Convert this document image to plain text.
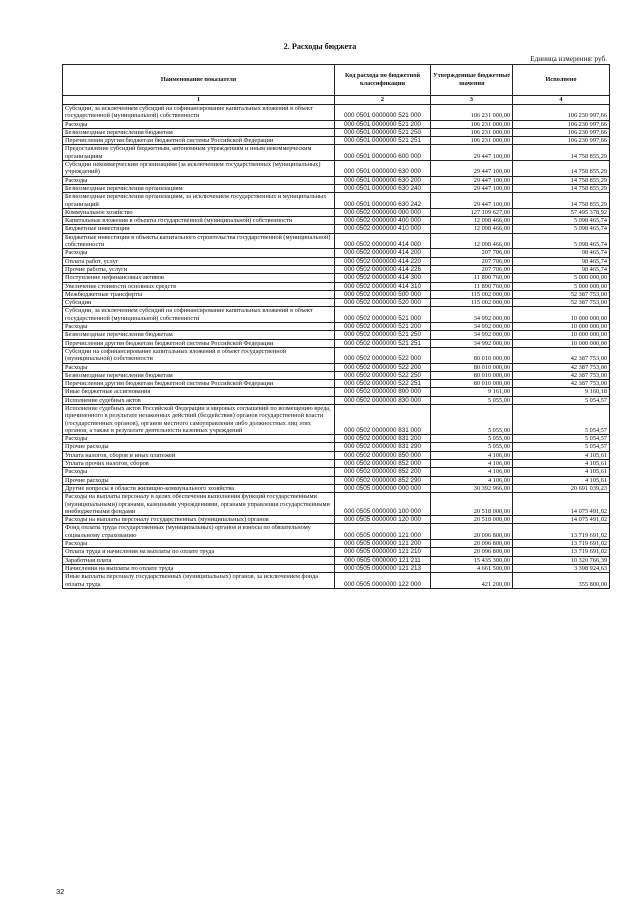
2. Расходы бюджета
Единица измерения: руб.
Наименование показателя	Код расхода по бюджетной классификации	Утвержденные бюджетные значения	Исполнено
1	2	3	4
Субсидии, за исключением субсидий на софинансирование капитальных вложений в объект государственной (муниципальной) собственности	000 0501 0000000 521 000	106 231 000,00	106 230 997,66
Расходы	000 0501 0000000 521 200	106 231 000,00	106 230 997,66
Безвозмездные перечисления бюджетам	000 0501 0000000 521 250	106 231 000,00	106 230 997,66
Перечисления другим бюджетам бюджетной системы Российской Федерации	000 0501 0000000 521 251	106 231 000,00	106 230 997,66
Предоставление субсидий бюджетным, автономным учреждениям и иным некоммерческим организациям	000 0501 0000000 600 000	29 447 100,00	14 758 855,29
Субсидии некоммерческим организациям (за исключением государственных (муниципальных) учреждений)	000 0501 0000000 630 000	29 447 100,00	14 758 855,29
Расходы	000 0501 0000000 630 200	29 447 100,00	14 758 855,29
Безвозмездные перечисления организациям	000 0501 0000000 630 240	29 447 100,00	14 758 855,29
Безвозмездные перечисления организациям, за исключением государственных и муниципальных организаций	000 0501 0000000 630 242	29 447 100,00	14 758 855,29
Коммунальное хозяйство	000 0502 0000000 000 000	127 109 627,00	57 495 378,92
Капитальные вложения в объекты государственной (муниципальной) собственности	000 0502 0000000 400 000	12 098 466,00	5 098 465,74
Бюджетные инвестиции	000 0502 0000000 410 000	12 098 466,00	5 098 465,74
Бюджетные инвестиции в объекты капитального строительства государственной (муниципальной) собственности	000 0502 0000000 414 000	12 098 466,00	5 098 465,74
Расходы	000 0502 0000000 414 200	207 706,00	98 465,74
Оплата работ, услуг	000 0502 0000000 414 220	207 706,00	98 465,74
Прочие работы, услуги	000 0502 0000000 414 226	207 706,00	98 465,74
Поступление нефинансовых активов	000 0502 0000000 414 300	11 890 760,00	5 000 000,00
Увеличение стоимости основных средств	000 0502 0000000 414 310	11 890 760,00	5 000 000,00
Межбюджетные трансферты	000 0502 0000000 500 000	115 002 000,00	52 387 753,00
Субсидии	000 0502 0000000 520 000	115 002 000,00	52 387 753,00
Субсидии, за исключением субсидий на софинансирование капитальных вложений в объект государственной (муниципальной) собственности	000 0502 0000000 521 000	34 992 000,00	10 000 000,00
Расходы	000 0502 0000000 521 200	34 992 000,00	10 000 000,00
Безвозмездные перечисления бюджетам	000 0502 0000000 521 250	34 992 000,00	10 000 000,00
Перечисления другим бюджетам бюджетной системы Российской Федерации	000 0502 0000000 521 251	34 992 000,00	10 000 000,00
Субсидии на софинансирование капитальных вложений в объект государственной (муниципальной) собственности	000 0502 0000000 522 000	80 010 000,00	42 387 753,00
Расходы	000 0502 0000000 522 200	80 010 000,00	42 387 753,00
Безвозмездные перечисления бюджетам	000 0502 0000000 522 250	80 010 000,00	42 387 753,00
Перечисления другим бюджетам бюджетной системы Российской Федерации	000 0502 0000000 522 251	80 010 000,00	42 387 753,00
Иные бюджетные ассигнования	000 0502 0000000 800 000	9 161,00	9 160,18
Исполнение судебных актов	000 0502 0000000 830 000	5 055,00	5 054,57
Исполнение судебных актов Российской Федерации и мировых соглашений по возмещению вреда, причиненного в результате незаконных действий (бездействия) органов государственной власти (государственных органов), органов местного самоуправления либо должностных лиц этих органов, а также в результате деятельности казенных учреждений	000 0502 0000000 831 000	5 055,00	5 054,57
Расходы	000 0502 0000000 831 200	5 055,00	5 054,57
Прочие расходы	000 0502 0000000 831 290	5 055,00	5 054,57
Уплата налогов, сборов и иных платежей	000 0502 0000000 850 000	4 106,00	4 105,61
Уплата прочих налогов, сборов	000 0502 0000000 852 000	4 106,00	4 105,61
Расходы	000 0502 0000000 852 200	4 106,00	4 105,61
Прочие расходы	000 0502 0000000 852 290	4 106,00	4 105,61
Другие вопросы в области жилищно-коммунального хозяйства	000 0505 0000000 000 000	30 392 966,00	20 691 039,23
Расходы на выплаты персоналу в целях обеспечения выполнения функций государственными (муниципальными) органами, казенными учреждениями, органами управления государственными внебюджетными фондами	000 0505 0000000 100 000	20 518 000,00	14 075 491,02
Расходы на выплаты персоналу государственных (муниципальных) органов	000 0505 0000000 120 000	20 518 000,00	14 075 491,02
Фонд оплаты труда государственных (муниципальных) органов и взносы по обязательному социальному страхованию	000 0505 0000000 121 000	20 096 800,00	13 719 691,02
Расходы	000 0505 0000000 121 200	20 096 800,00	13 719 691,02
Оплата труда и начисления на выплаты по оплате труда	000 0505 0000000 121 210	20 096 800,00	13 719 691,02
Заработная плата	000 0505 0000000 121 211	15 435 300,00	10 320 766,39
Начисления на выплаты по оплате труда	000 0505 0000000 121 213	4 661 500,00	3 398 924,63
Иные выплаты персоналу государственных (муниципальных) органов, за исключением фонда оплаты труда	000 0505 0000000 122 000	421 200,00	355 800,00
32
